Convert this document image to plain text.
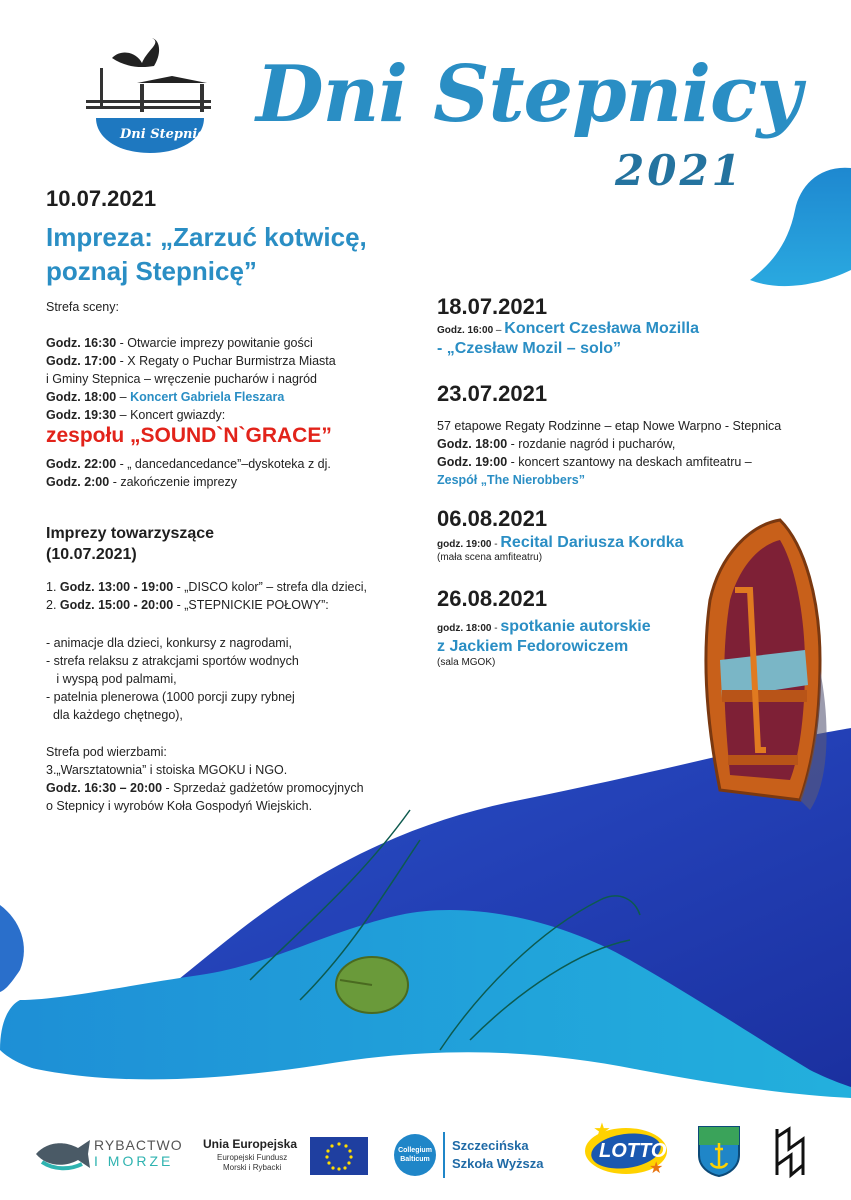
Dni Stepnicy Dni Stepnicy
2021
10.07.2021
Impreza: „Zarzuć kotwicę,
poznaj Stepnicę”
Strefa sceny:
Godz. 16:30 - Otwarcie imprezy powitanie gości
Godz. 17:00 - X Regaty o Puchar Burmistrza Miasta
i Gminy Stepnica – wręczenie pucharów i nagród
Godz. 18:00 – Koncert Gabriela Fleszara
Godz. 19:30 – Koncert gwiazdy:
zespołu „SOUND`N`GRACE”
Godz. 22:00 - „ dancedancedance”–dyskoteka z dj.
Godz. 2:00 - zakończenie imprezy
Imprezy towarzyszące
(10.07.2021)
1. Godz. 13:00 - 19:00 - „DISCO kolor” – strefa dla dzieci,
2. Godz. 15:00 - 20:00 - „STEPNICKIE POŁOWY”:
- animacje dla dzieci, konkursy z nagrodami,
- strefa relaksu z atrakcjami sportów wodnych
i wyspą pod palmami,
- patelnia plenerowa (1000 porcji zupy rybnej
dla każdego chętnego),
Strefa pod wierzbami:
3.„Warsztatownia” i stoiska MGOKU i NGO.
Godz. 16:30 – 20:00 - Sprzedaż gadżetów promocyjnych
o Stepnicy i wyrobów Koła Gospodyń Wiejskich.
18.07.2021
Godz. 16:00 – Koncert Czesława Mozilla
- „Czesław Mozil – solo”
23.07.2021
57 etapowe Regaty Rodzinne – etap Nowe Warpno - Stepnica
Godz. 18:00 - rozdanie nagród i pucharów,
Godz. 19:00 - koncert szantowy na deskach amfiteatru –
Zespół „The Nierobbers”
06.08.2021
godz. 19:00 - Recital Dariusza Kordka
(mała scena amfiteatru)
26.08.2021
godz. 18:00 - spotkanie autorskie
z Jackiem Fedorowiczem
(sala MGOK)
RYBACTWO
I MORZE
Unia Europejska
Europejski Fundusz
Morski i Rybacki
Collegium Balticum
Szczecińska
Szkoła Wyższa
LOTTO
★
★
